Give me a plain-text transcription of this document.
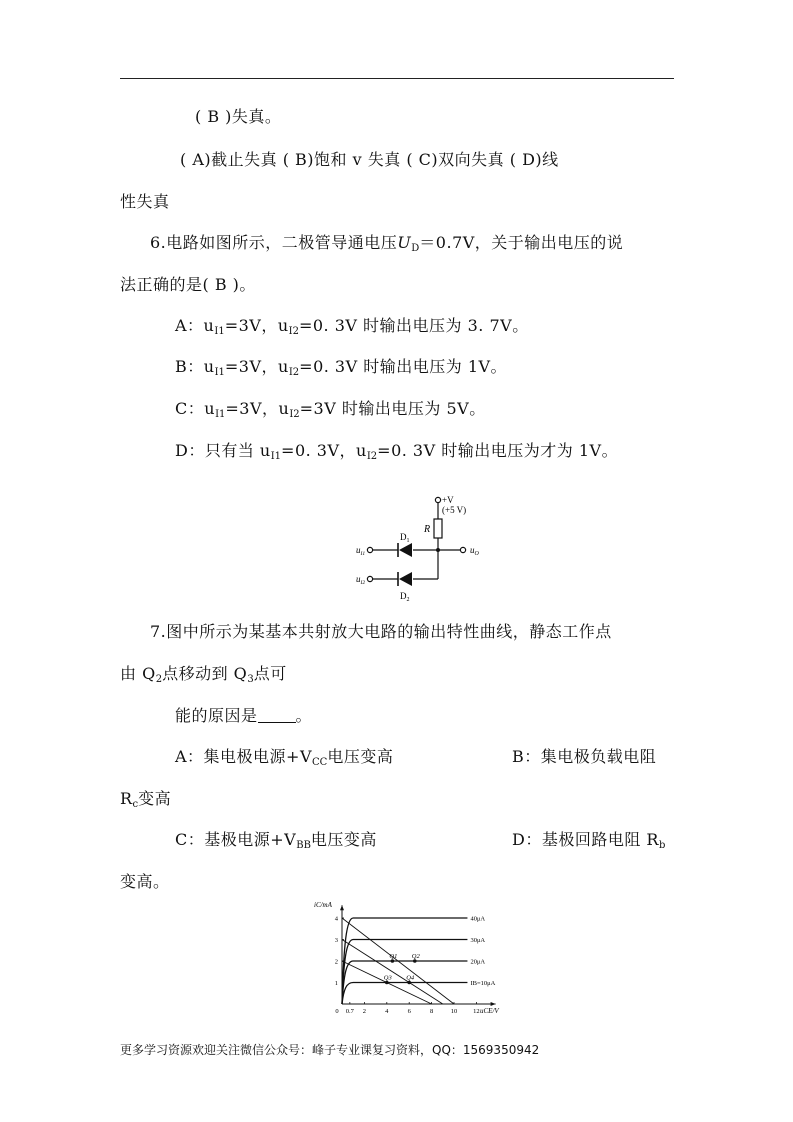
( B )失真。
( A)截止失真 ( B)饱和 v 失真 ( C)双向失真 ( D)线
性失真
6.电路如图所示，二极管导通电压$U_D=0.7V$，关于输出电压的说
法正确的是( B )。
A：$u_{I1}=3V$，$u_{I2}=0$. 3V 时输出电压为 3. 7V。
B：$u_{I1}=3V$，$u_{I2}=0$. 3V 时输出电压为 1V。
C：$u_{I1}=3V$，$u_{I2}=3V$ 时输出电压为 5V。
D：只有当 $u_{I1}=0$. 3V，$u_{I2}=0$. 3V 时输出电压为才为 1V。
+V
(+5 V)
R
$D_1$
$D_2$
$u_{I1}$
$u_{I2}$
$u_O$
7.图中所示为某基本共射放大电路的输出特性曲线，静态工作点
由 $Q_2$点移动到 $Q_3$点可
能的原因是 。
A：集电极电源$+V_{CC}$电压变高	B：集电极负载电阻
$R_c$变高
C：基极电源$+V_{BB}$电压变高	D：基极回路电阻 $R_b$
变高。
iC/mA
uCE/V
0 0.7 2	4	6	8	10 12
1
2
3
4	40μA
30μA
20μA
IB=10μA
Q1 Q2
Q3 Q4
更多学习资源欢迎关注微信公众号：峰子专业课复习资料，QQ：1569350942
